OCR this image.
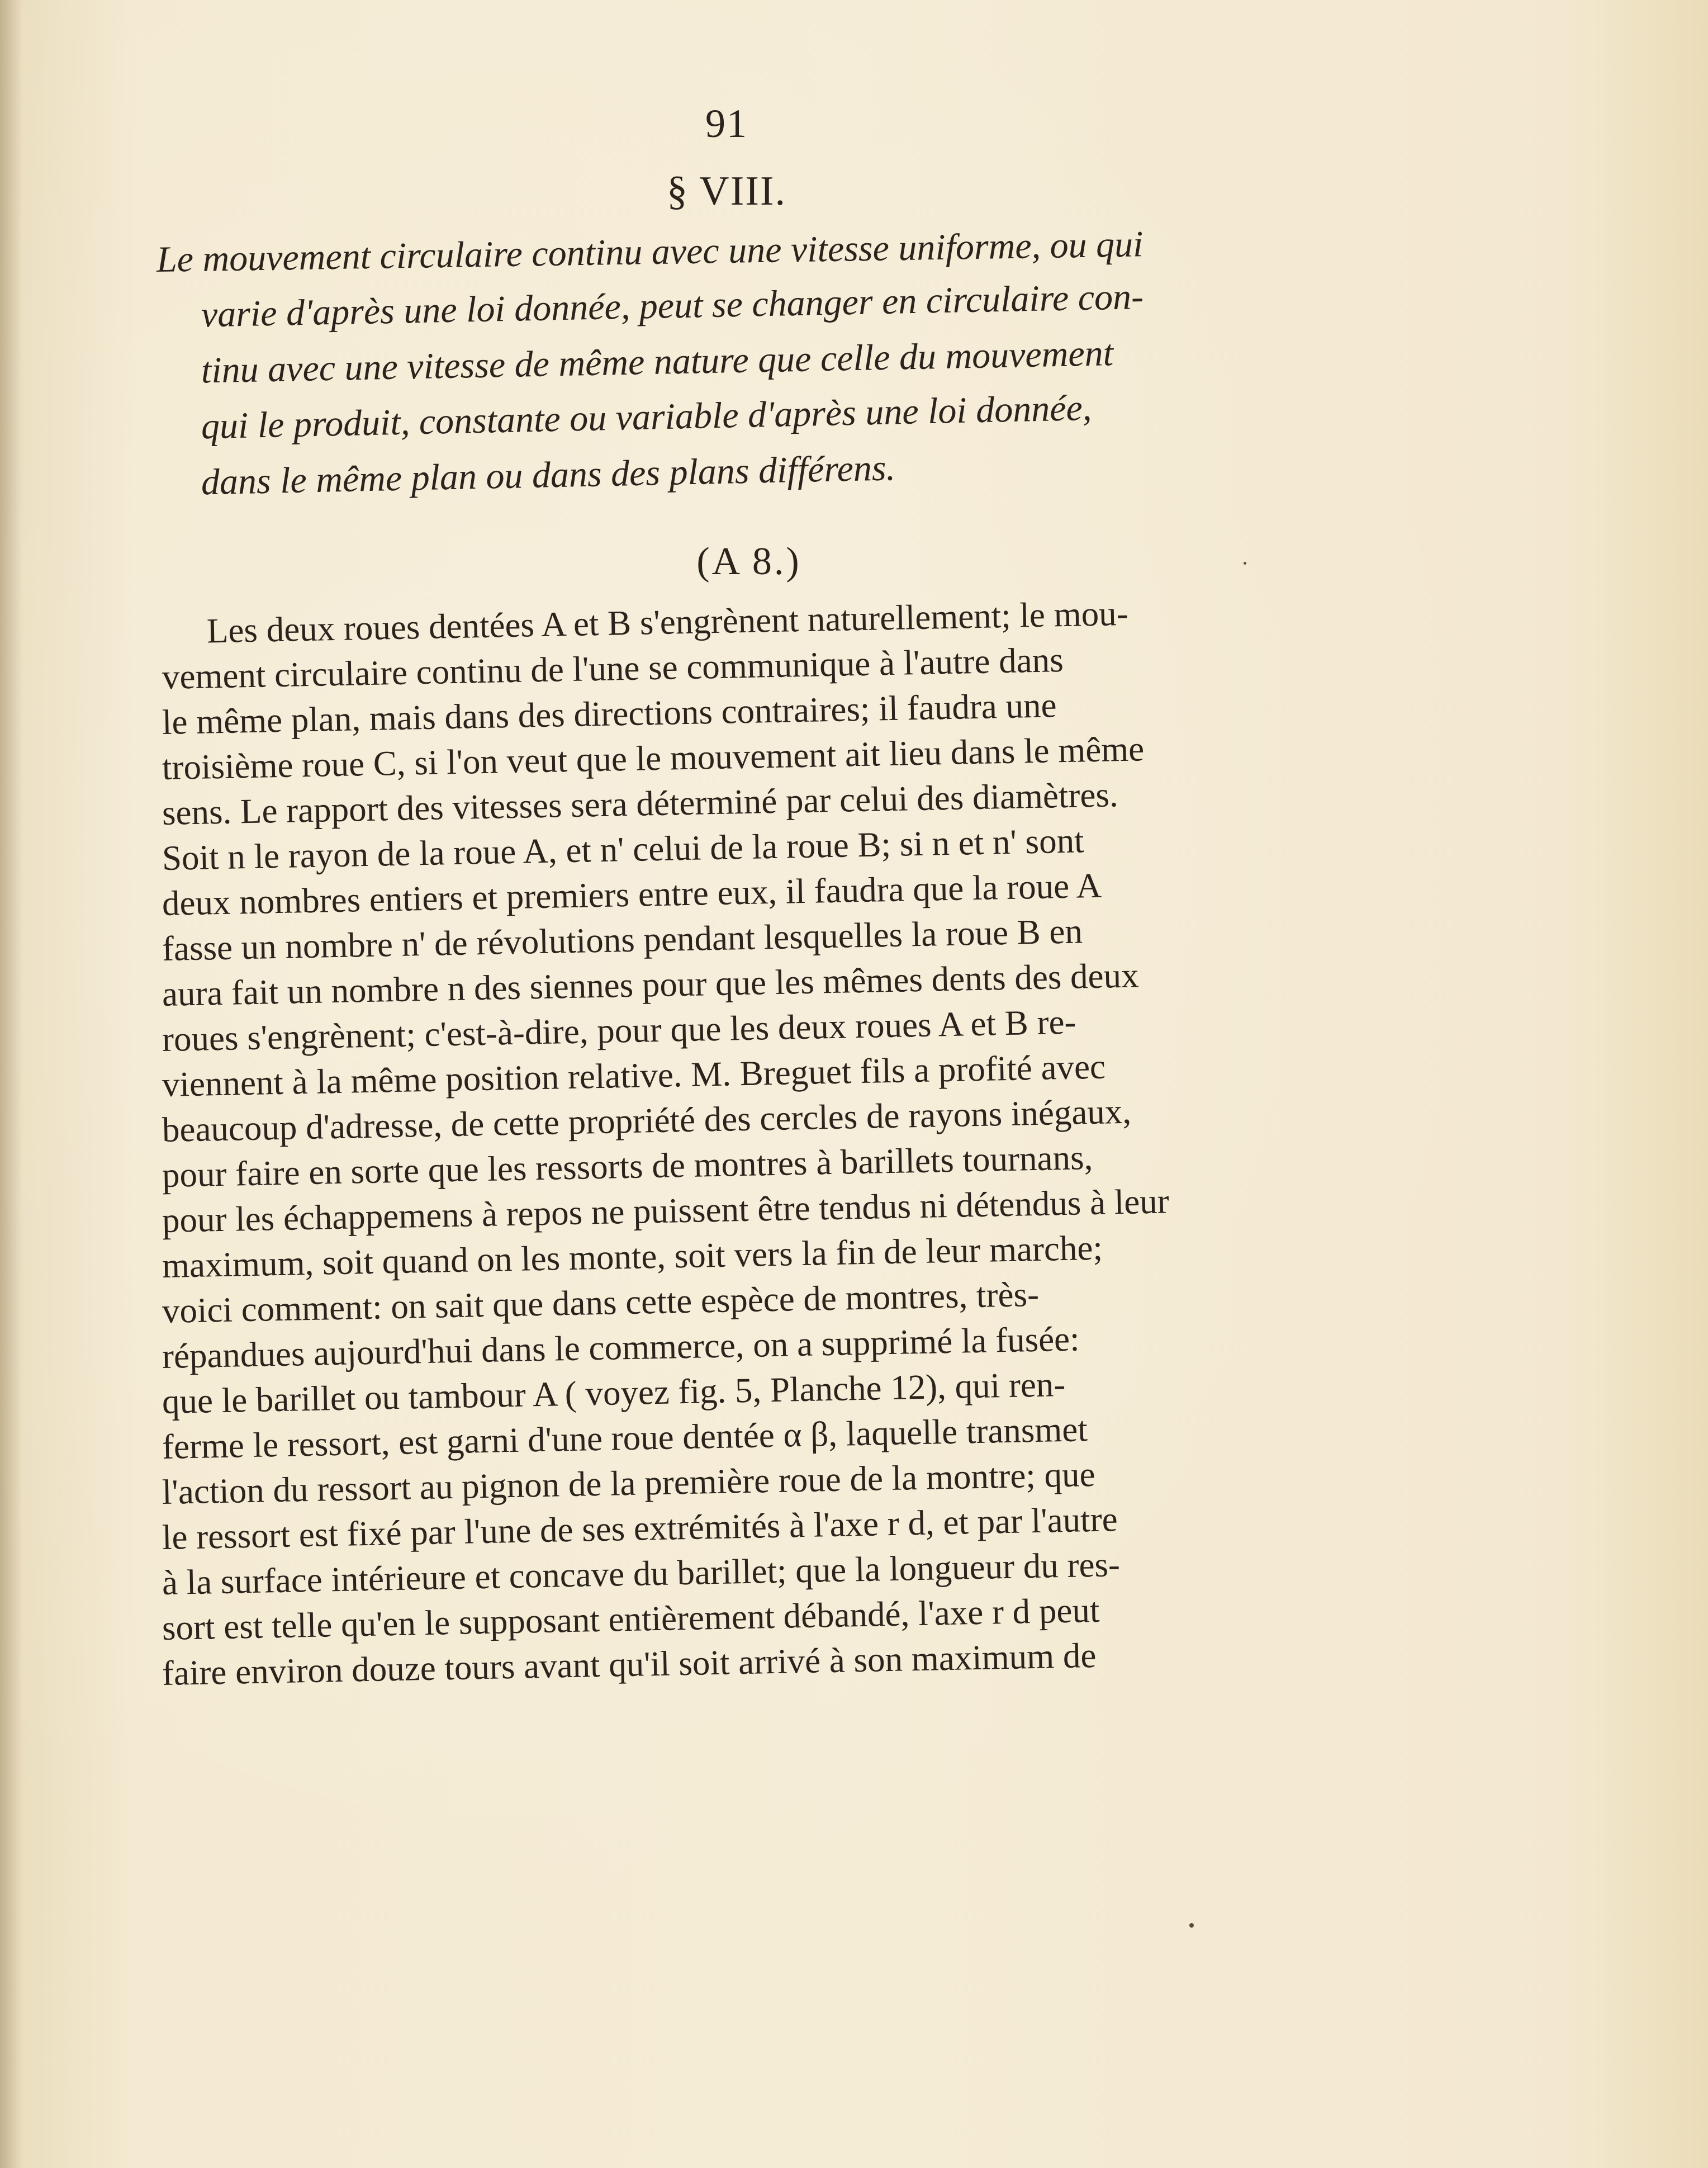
91
§ VIII.
Le mouvement circulaire continu avec une vitesse uniforme, ou qui
varie d'après une loi donnée, peut se changer en circulaire con-
tinu avec une vitesse de même nature que celle du mouvement
qui le produit, constante ou variable d'après une loi donnée,
dans le même plan ou dans des plans différens.
(A 8.)
Les deux roues dentées A et B s'engrènent naturellement; le mou-
vement circulaire continu de l'une se communique à l'autre dans
le même plan, mais dans des directions contraires; il faudra une
troisième roue C, si l'on veut que le mouvement ait lieu dans le même
sens. Le rapport des vitesses sera déterminé par celui des diamètres.
Soit n le rayon de la roue A, et n' celui de la roue B; si n et n' sont
deux nombres entiers et premiers entre eux, il faudra que la roue A
fasse un nombre n' de révolutions pendant lesquelles la roue B en
aura fait un nombre n des siennes pour que les mêmes dents des deux
roues s'engrènent; c'est-à-dire, pour que les deux roues A et B re-
viennent à la même position relative. M. Breguet fils a profité avec
beaucoup d'adresse, de cette propriété des cercles de rayons inégaux,
pour faire en sorte que les ressorts de montres à barillets tournans,
pour les échappemens à repos ne puissent être tendus ni détendus à leur
maximum, soit quand on les monte, soit vers la fin de leur marche;
voici comment: on sait que dans cette espèce de montres, très-
répandues aujourd'hui dans le commerce, on a supprimé la fusée:
que le barillet ou tambour A ( voyez fig. 5, Planche 12), qui ren-
ferme le ressort, est garni d'une roue dentée α β, laquelle transmet
l'action du ressort au pignon de la première roue de la montre; que
le ressort est fixé par l'une de ses extrémités à l'axe r d, et par l'autre
à la surface intérieure et concave du barillet; que la longueur du res-
sort est telle qu'en le supposant entièrement débandé, l'axe r d peut
faire environ douze tours avant qu'il soit arrivé à son maximum de
